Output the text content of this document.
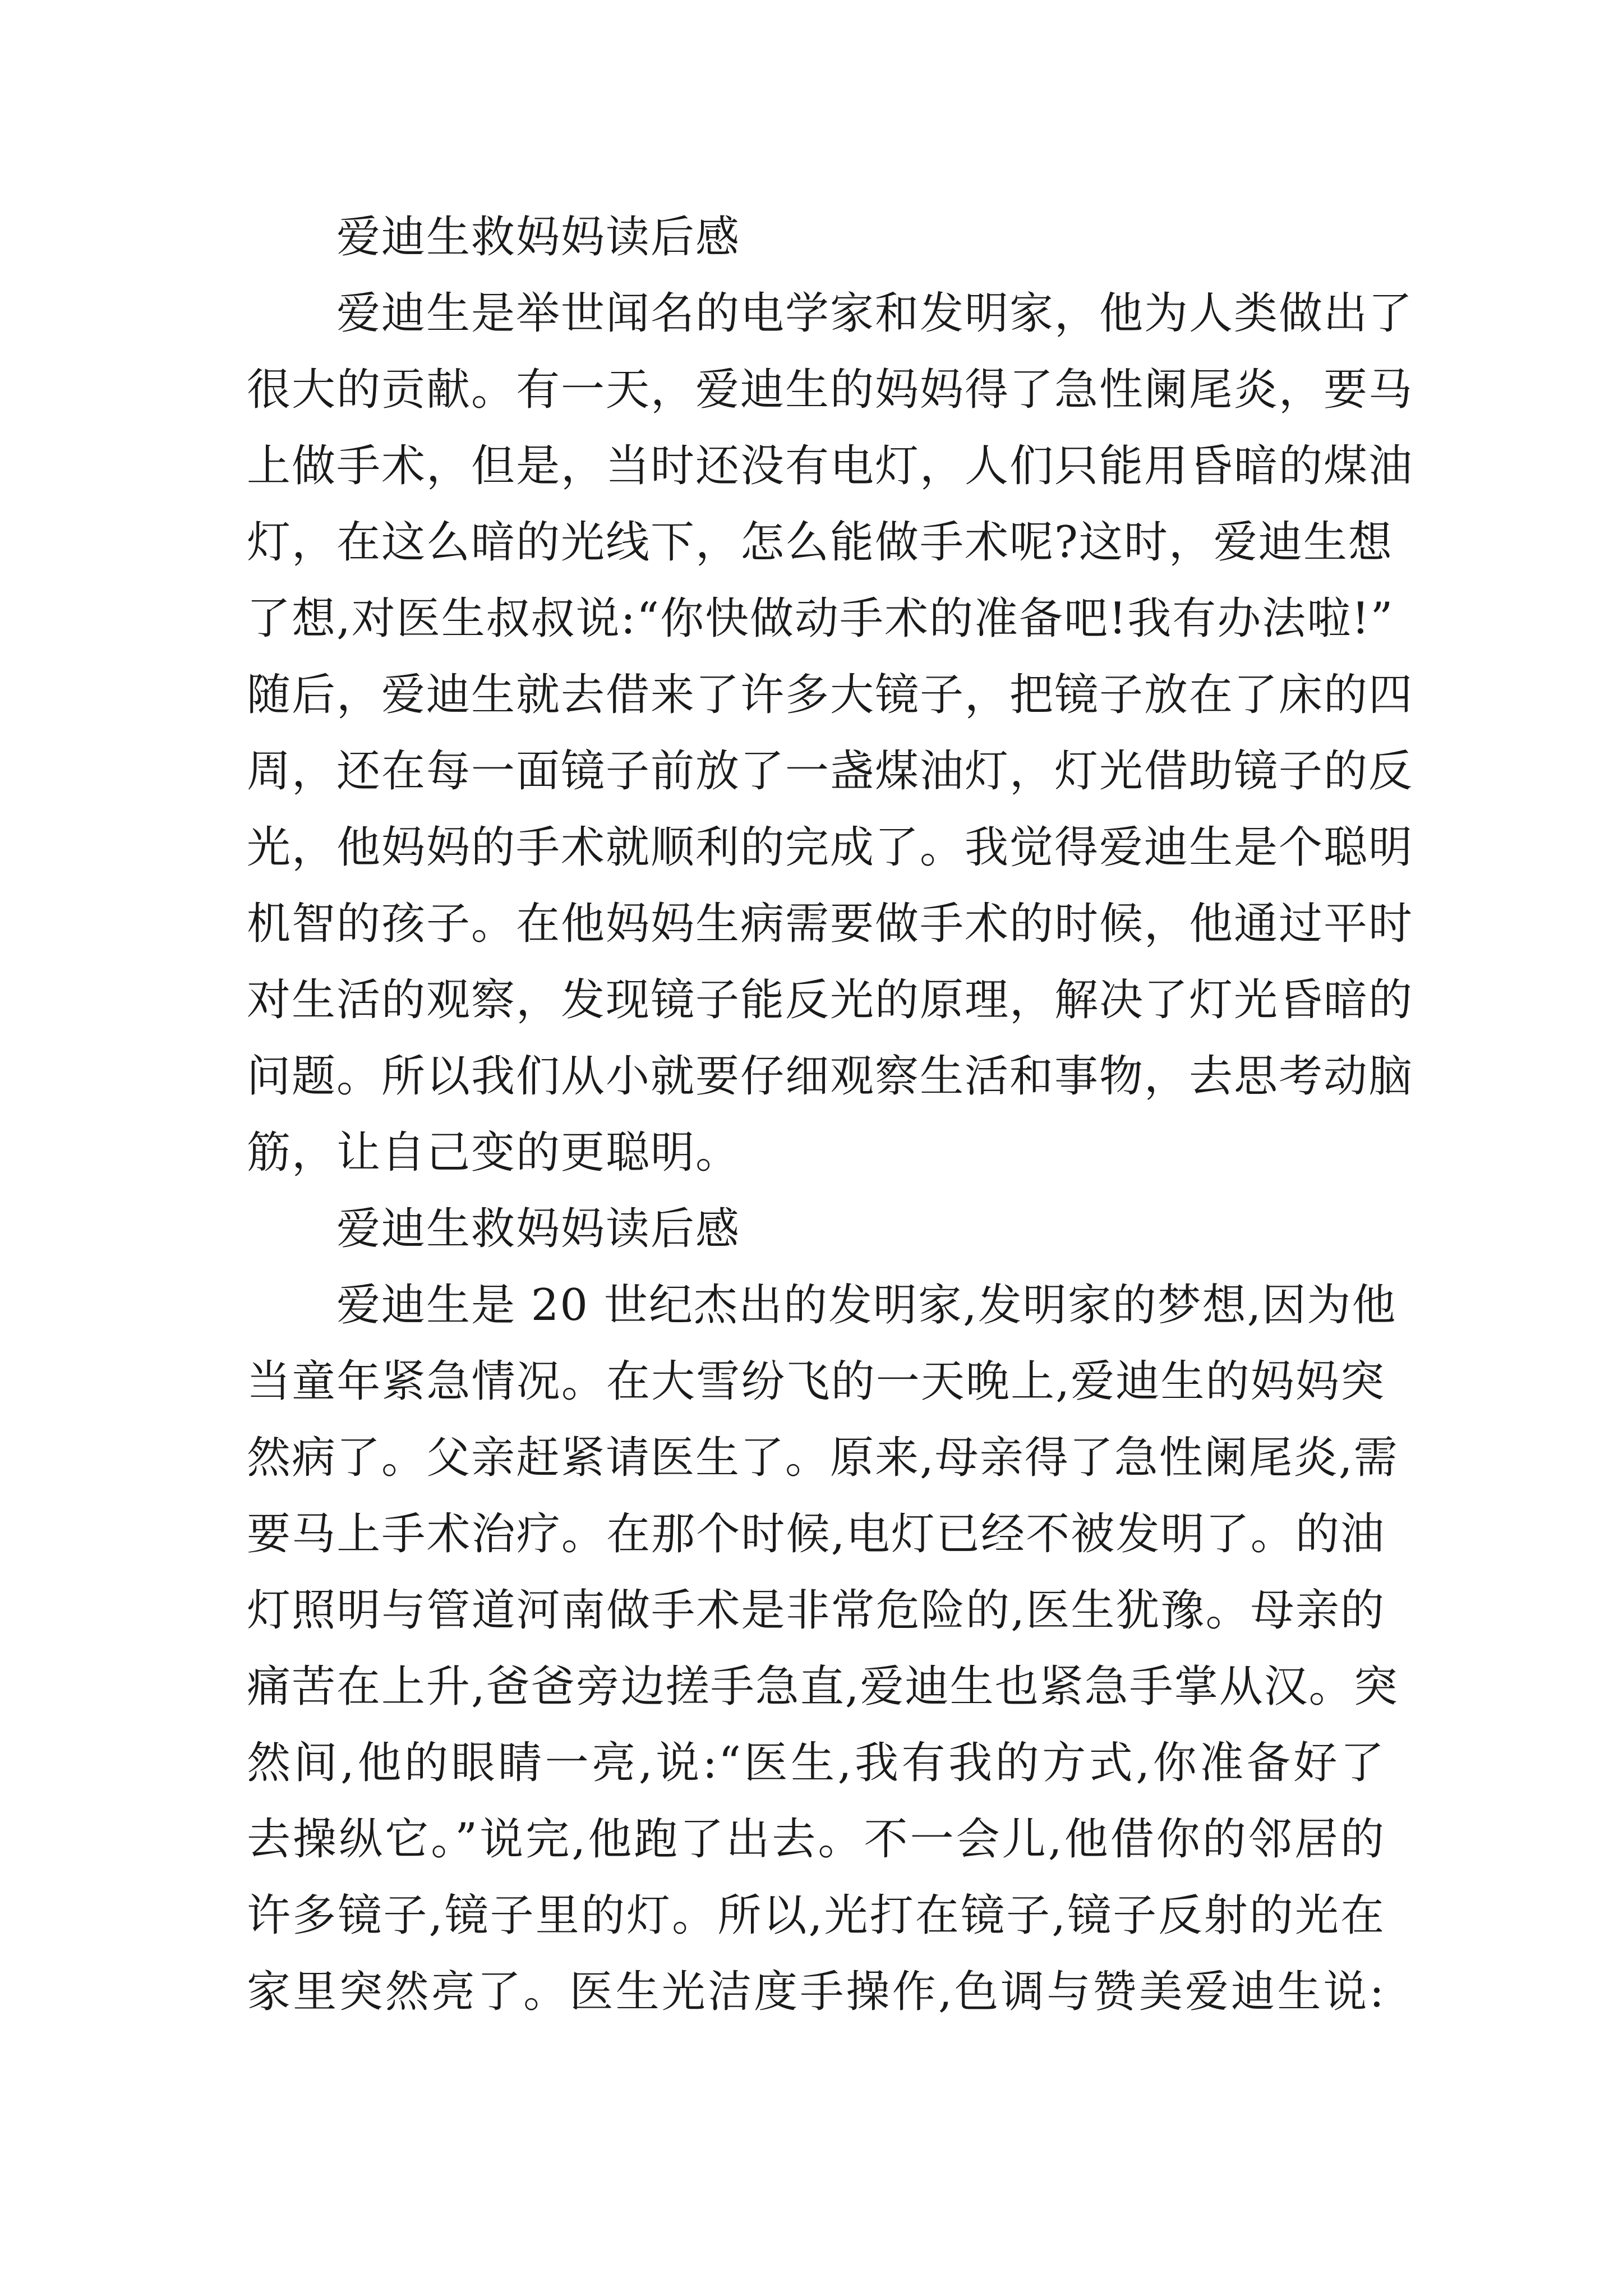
爱迪生救妈妈读后感
爱迪生是举世闻名的电学家和发明家，他为人类做出了
很大的贡献。有一天，爱迪生的妈妈得了急性阑尾炎，要马
上做手术，但是，当时还没有电灯，人们只能用昏暗的煤油
灯，在这么暗的光线下，怎么能做手术呢?这时，爱迪生想
了想,对医生叔叔说:“你快做动手术的准备吧!我有办法啦!”
随后，爱迪生就去借来了许多大镜子，把镜子放在了床的四
周，还在每一面镜子前放了一盏煤油灯，灯光借助镜子的反
光，他妈妈的手术就顺利的完成了。我觉得爱迪生是个聪明
机智的孩子。在他妈妈生病需要做手术的时候，他通过平时
对生活的观察，发现镜子能反光的原理，解决了灯光昏暗的
问题。所以我们从小就要仔细观察生活和事物，去思考动脑
筋，让自己变的更聪明。
爱迪生救妈妈读后感
爱迪生是 20 世纪杰出的发明家,发明家的梦想,因为他
当童年紧急情况。在大雪纷飞的一天晚上,爱迪生的妈妈突
然病了。父亲赶紧请医生了。原来,母亲得了急性阑尾炎,需
要马上手术治疗。在那个时候,电灯已经不被发明了。的油
灯照明与管道河南做手术是非常危险的,医生犹豫。母亲的
痛苦在上升,爸爸旁边搓手急直,爱迪生也紧急手掌从汉。突
然间,他的眼睛一亮,说:“医生,我有我的方式,你准备好了
去操纵它。”说完,他跑了出去。不一会儿,他借你的邻居的
许多镜子,镜子里的灯。所以,光打在镜子,镜子反射的光在
家里突然亮了。医生光洁度手操作,色调与赞美爱迪生说:
